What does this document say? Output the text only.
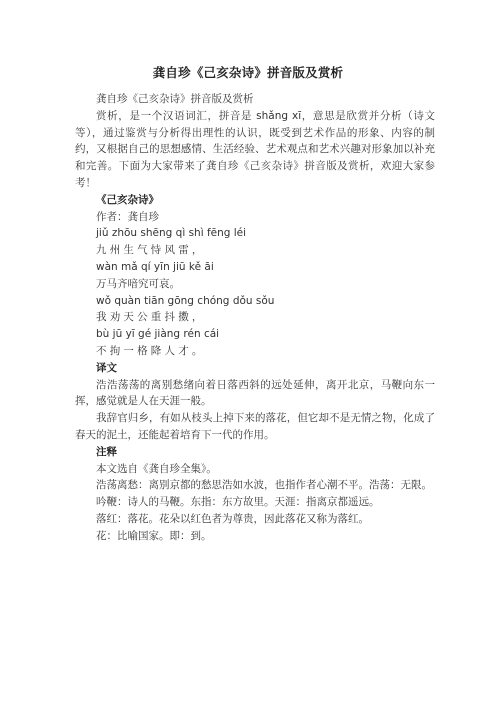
龚自珍《己亥杂诗》拼音版及赏析

龚自珍《己亥杂诗》拼音版及赏析

赏析，是一个汉语词汇，拼音是 shǎng xī，意思是欣赏并分析（诗文等），通过鉴赏与分析得出理性的认识，既受到艺术作品的形象、内容的制约，又根据自己的思想感情、生活经验、艺术观点和艺术兴趣对形象加以补充和完善。下面为大家带来了龚自珍《己亥杂诗》拼音版及赏析，欢迎大家参考！

《己亥杂诗》

作者：龚自珍

jiǔ zhōu shēng qì shì fēng léi

九州生气恃风雷，

wàn mǎ qí yīn jiū kě āi

万马齐喑究可哀。

wǒ quàn tiān gōng chóng dǒu sǒu

我劝天公重抖擞，

bù jū yī gé jiàng rén cái

不拘一格降人才。

译文

浩浩荡荡的离别愁绪向着日落西斜的远处延伸，离开北京，马鞭向东一挥，感觉就是人在天涯一般。

我辞官归乡，有如从枝头上掉下来的落花，但它却不是无情之物，化成了春天的泥土，还能起着培育下一代的作用。

注释

本文选自《龚自珍全集》。

浩荡离愁：离别京都的愁思浩如水波，也指作者心潮不平。浩荡：无限。

吟鞭：诗人的马鞭。东指：东方故里。天涯：指离京都遥远。

落红：落花。花朵以红色者为尊贵，因此落花又称为落红。

花：比喻国家。即：到。
